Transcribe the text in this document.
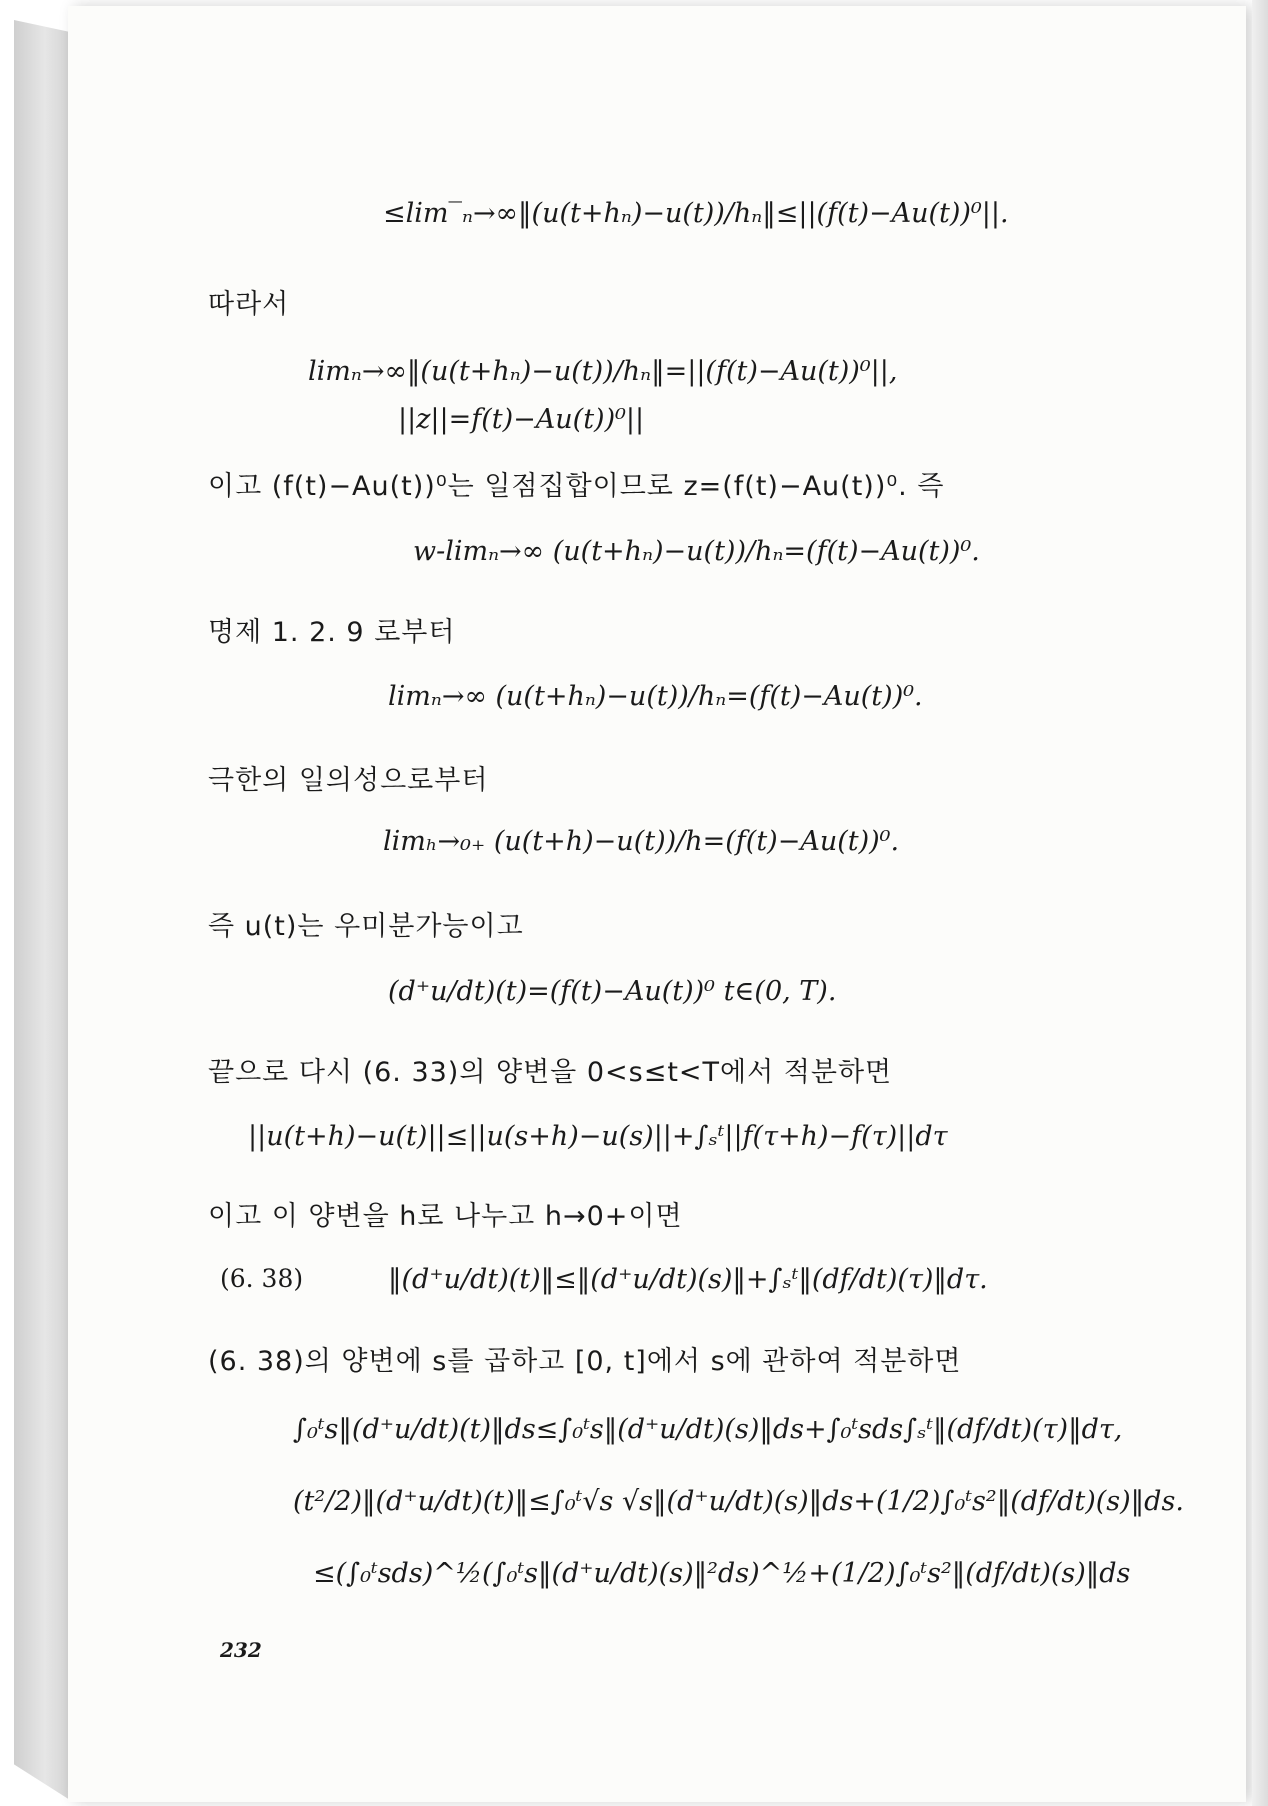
≤lim‾ₙ→∞‖(u(t+hₙ)−u(t))/hₙ‖≤||(f(t)−Au(t))⁰||.
따라서
limₙ→∞‖(u(t+hₙ)−u(t))/hₙ‖=||(f(t)−Au(t))⁰||,
||z||=f(t)−Au(t))⁰||
이고 (f(t)−Au(t))⁰는 일점집합이므로 z=(f(t)−Au(t))⁰. 즉
w-limₙ→∞ (u(t+hₙ)−u(t))/hₙ=(f(t)−Au(t))⁰.
명제 1. 2. 9 로부터
limₙ→∞ (u(t+hₙ)−u(t))/hₙ=(f(t)−Au(t))⁰.
극한의 일의성으로부터
limₕ→₀₊ (u(t+h)−u(t))/h=(f(t)−Au(t))⁰.
즉 u(t)는 우미분가능이고
(d⁺u/dt)(t)=(f(t)−Au(t))⁰ t∈(0, T).
끝으로 다시 (6. 33)의 양변을 0<s≤t<T에서 적분하면
||u(t+h)−u(t)||≤||u(s+h)−u(s)||+∫ₛᵗ||f(τ+h)−f(τ)||dτ
이고 이 양변을 h로 나누고 h→0+이면
(6. 38)	‖(d⁺u/dt)(t)‖≤‖(d⁺u/dt)(s)‖+∫ₛᵗ‖(df/dt)(τ)‖dτ.
(6. 38)의 양변에 s를 곱하고 [0, t]에서 s에 관하여 적분하면
∫₀ᵗs‖(d⁺u/dt)(t)‖ds≤∫₀ᵗs‖(d⁺u/dt)(s)‖ds+∫₀ᵗsds∫ₛᵗ‖(df/dt)(τ)‖dτ,
(t²/2)‖(d⁺u/dt)(t)‖≤∫₀ᵗ√s √s‖(d⁺u/dt)(s)‖ds+(1/2)∫₀ᵗs²‖(df/dt)(s)‖ds.
≤(∫₀ᵗsds)^½(∫₀ᵗs‖(d⁺u/dt)(s)‖²ds)^½+(1/2)∫₀ᵗs²‖(df/dt)(s)‖ds
232
